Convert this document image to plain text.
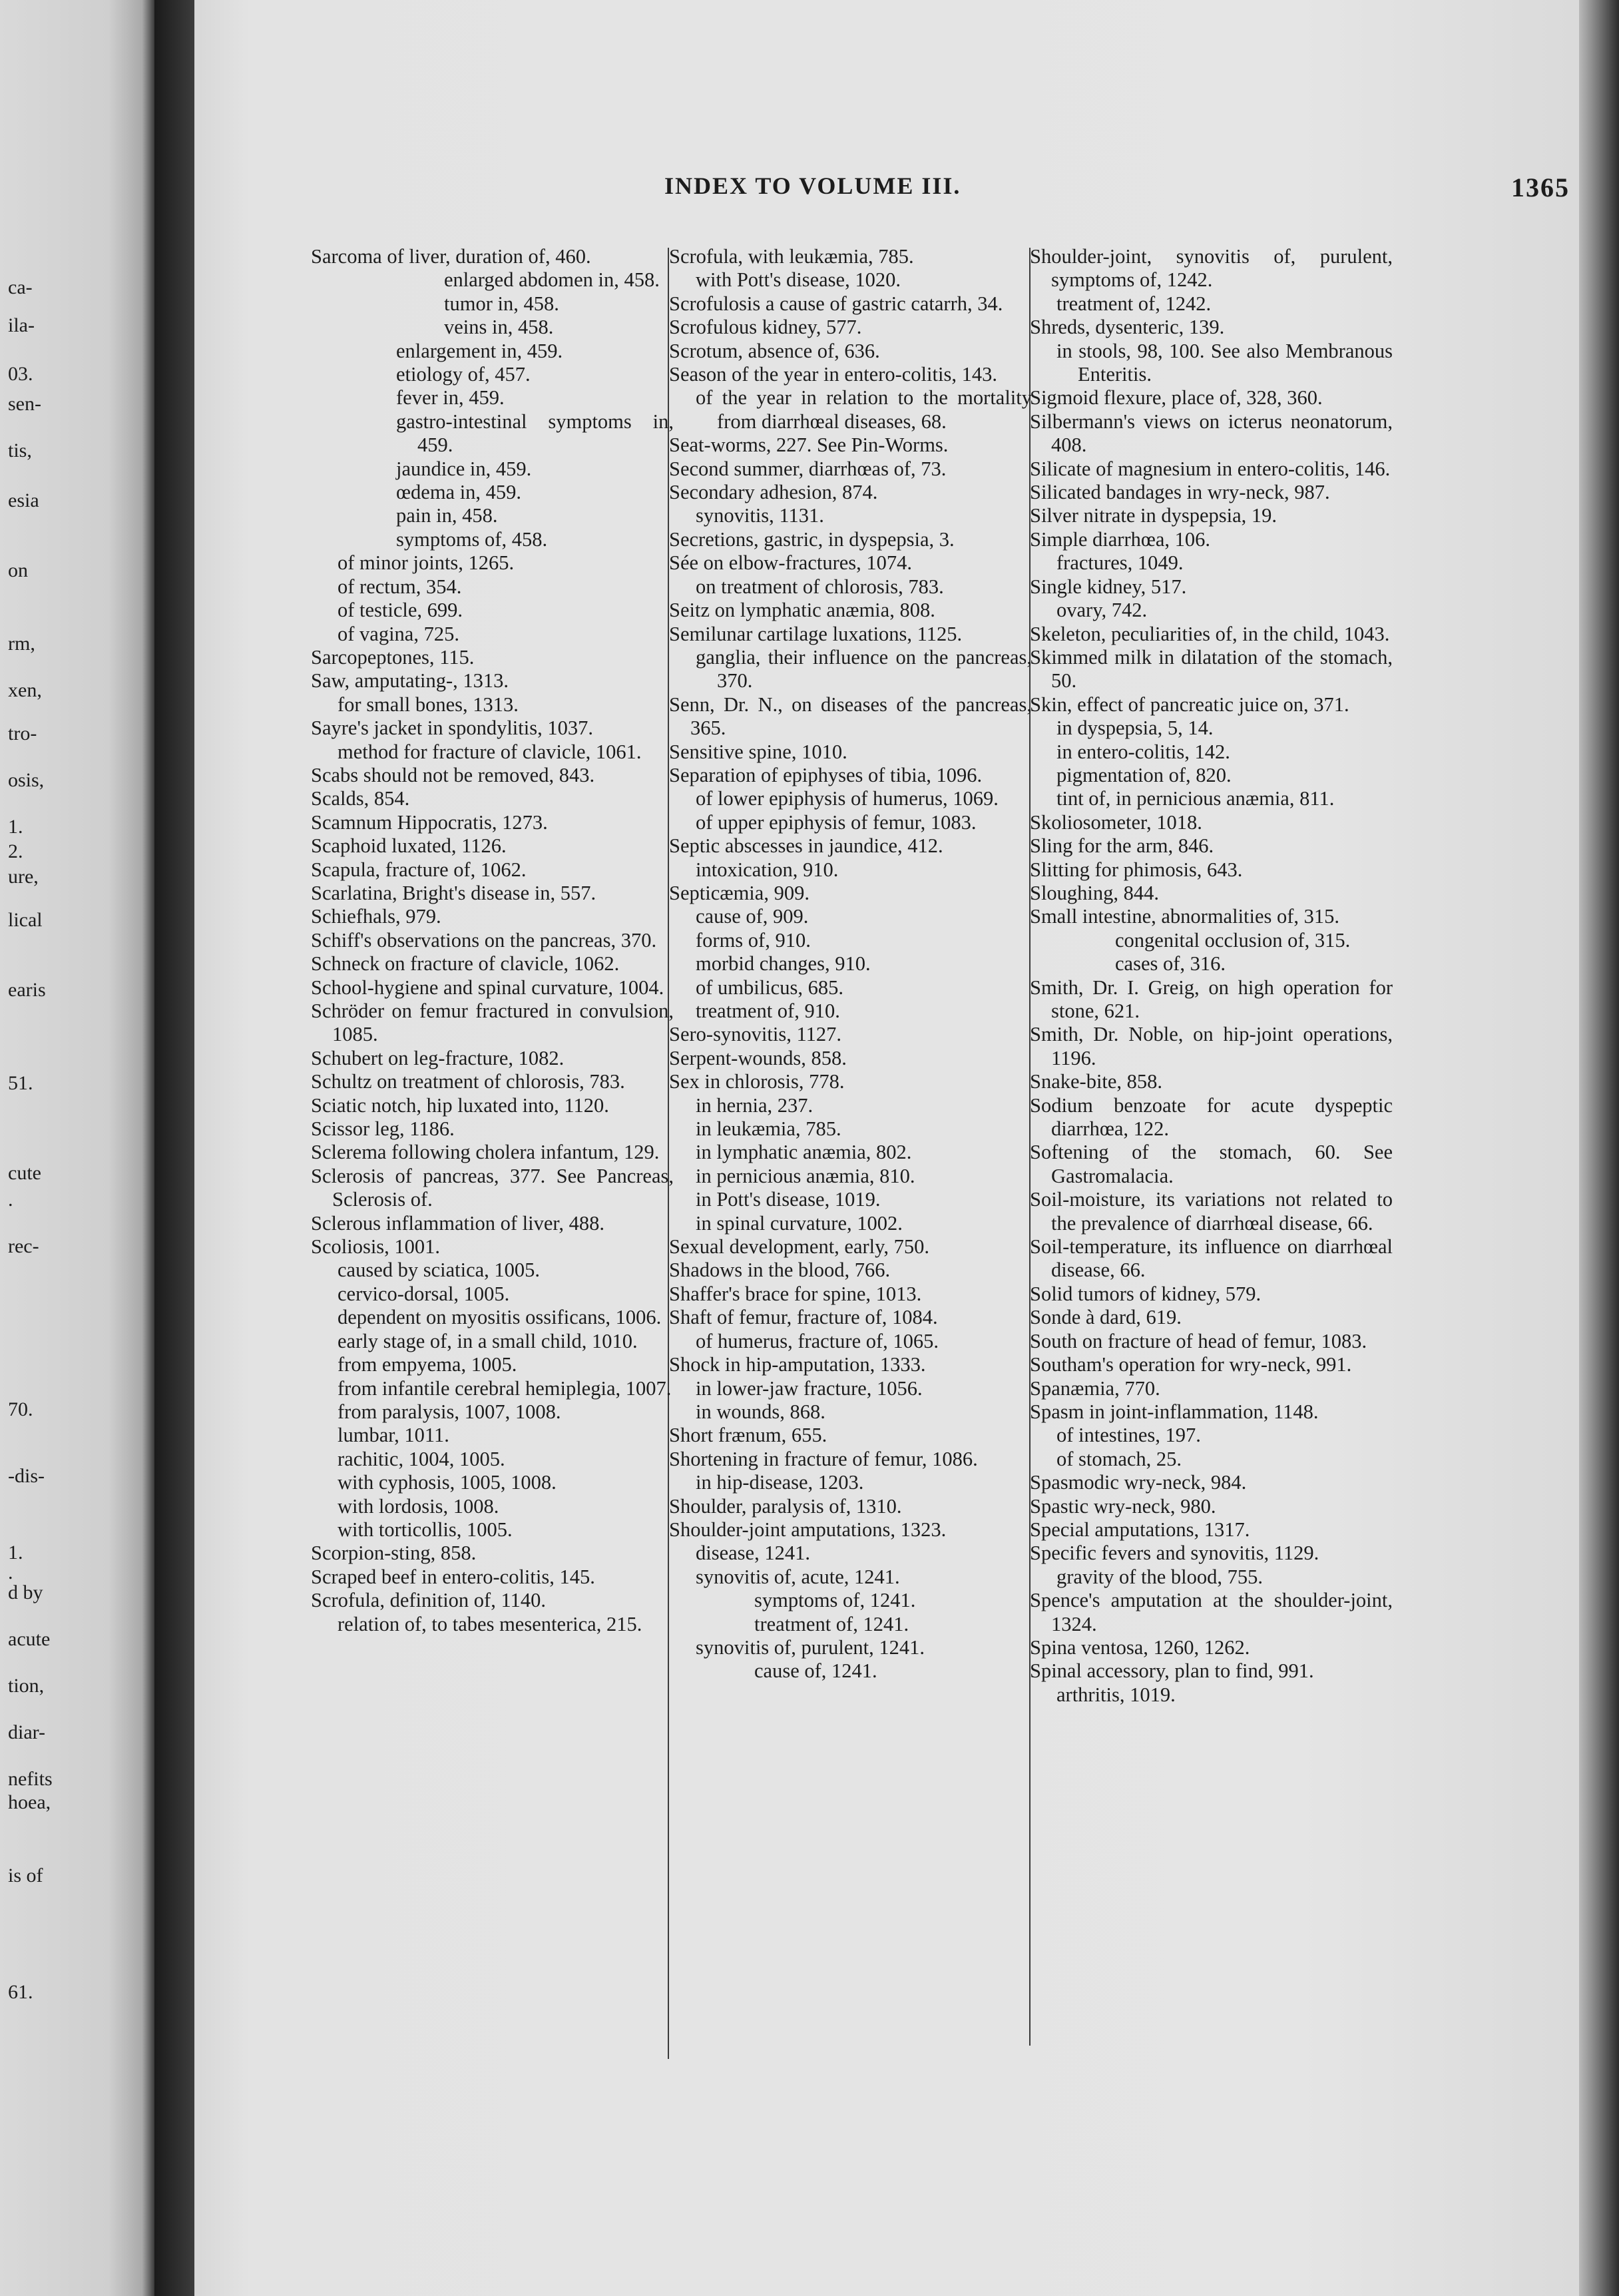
ca-
ila-
03.
sen-
tis,
esia
on
rm,
xen,
tro-
osis,
1.
2.
ure,
lical
earis
51.
cute
.
rec-
70.
-dis-
1.
.
d by
acute
tion,
diar-
nefits
hoea,
is of
61.
INDEX TO VOLUME III.	1365
Sarcoma of liver, duration of, 460.
enlarged abdomen in, 458.
tumor in, 458.
veins in, 458.
enlargement in, 459.
etiology of, 457.
fever in, 459.
gastro-intestinal symptoms in, 459.
jaundice in, 459.
œdema in, 459.
pain in, 458.
symptoms of, 458.
of minor joints, 1265.
of rectum, 354.
of testicle, 699.
of vagina, 725.
Sarcopeptones, 115.
Saw, amputating-, 1313.
for small bones, 1313.
Sayre's jacket in spondylitis, 1037.
method for fracture of clavicle, 1061.
Scabs should not be removed, 843.
Scalds, 854.
Scamnum Hippocratis, 1273.
Scaphoid luxated, 1126.
Scapula, fracture of, 1062.
Scarlatina, Bright's disease in, 557.
Schiefhals, 979.
Schiff's observations on the pancreas, 370.
Schneck on fracture of clavicle, 1062.
School-hygiene and spinal curvature, 1004.
Schröder on femur fractured in convulsion, 1085.
Schubert on leg-fracture, 1082.
Schultz on treatment of chlorosis, 783.
Sciatic notch, hip luxated into, 1120.
Scissor leg, 1186.
Sclerema following cholera infantum, 129.
Sclerosis of pancreas, 377. See Pancreas, Sclerosis of.
Sclerous inflammation of liver, 488.
Scoliosis, 1001.
caused by sciatica, 1005.
cervico-dorsal, 1005.
dependent on myositis ossificans, 1006.
early stage of, in a small child, 1010.
from empyema, 1005.
from infantile cerebral hemiplegia, 1007.
from paralysis, 1007, 1008.
lumbar, 1011.
rachitic, 1004, 1005.
with cyphosis, 1005, 1008.
with lordosis, 1008.
with torticollis, 1005.
Scorpion-sting, 858.
Scraped beef in entero-colitis, 145.
Scrofula, definition of, 1140.
relation of, to tabes mesenterica, 215.
Scrofula, with leukæmia, 785.
with Pott's disease, 1020.
Scrofulosis a cause of gastric catarrh, 34.
Scrofulous kidney, 577.
Scrotum, absence of, 636.
Season of the year in entero-colitis, 143.
of the year in relation to the mortality from diarrhœal diseases, 68.
Seat-worms, 227. See Pin-Worms.
Second summer, diarrhœas of, 73.
Secondary adhesion, 874.
synovitis, 1131.
Secretions, gastric, in dyspepsia, 3.
Sée on elbow-fractures, 1074.
on treatment of chlorosis, 783.
Seitz on lymphatic anæmia, 808.
Semilunar cartilage luxations, 1125.
ganglia, their influence on the pancreas, 370.
Senn, Dr. N., on diseases of the pancreas, 365.
Sensitive spine, 1010.
Separation of epiphyses of tibia, 1096.
of lower epiphysis of humerus, 1069.
of upper epiphysis of femur, 1083.
Septic abscesses in jaundice, 412.
intoxication, 910.
Septicæmia, 909.
cause of, 909.
forms of, 910.
morbid changes, 910.
of umbilicus, 685.
treatment of, 910.
Sero-synovitis, 1127.
Serpent-wounds, 858.
Sex in chlorosis, 778.
in hernia, 237.
in leukæmia, 785.
in lymphatic anæmia, 802.
in pernicious anæmia, 810.
in Pott's disease, 1019.
in spinal curvature, 1002.
Sexual development, early, 750.
Shadows in the blood, 766.
Shaffer's brace for spine, 1013.
Shaft of femur, fracture of, 1084.
of humerus, fracture of, 1065.
Shock in hip-amputation, 1333.
in lower-jaw fracture, 1056.
in wounds, 868.
Short frænum, 655.
Shortening in fracture of femur, 1086.
in hip-disease, 1203.
Shoulder, paralysis of, 1310.
Shoulder-joint amputations, 1323.
disease, 1241.
synovitis of, acute, 1241.
symptoms of, 1241.
treatment of, 1241.
synovitis of, purulent, 1241.
cause of, 1241.
Shoulder-joint, synovitis of, purulent, symptoms of, 1242.
treatment of, 1242.
Shreds, dysenteric, 139.
in stools, 98, 100. See also Membranous Enteritis.
Sigmoid flexure, place of, 328, 360.
Silbermann's views on icterus neonatorum, 408.
Silicate of magnesium in entero-colitis, 146.
Silicated bandages in wry-neck, 987.
Silver nitrate in dyspepsia, 19.
Simple diarrhœa, 106.
fractures, 1049.
Single kidney, 517.
ovary, 742.
Skeleton, peculiarities of, in the child, 1043.
Skimmed milk in dilatation of the stomach, 50.
Skin, effect of pancreatic juice on, 371.
in dyspepsia, 5, 14.
in entero-colitis, 142.
pigmentation of, 820.
tint of, in pernicious anæmia, 811.
Skoliosometer, 1018.
Sling for the arm, 846.
Slitting for phimosis, 643.
Sloughing, 844.
Small intestine, abnormalities of, 315.
congenital occlusion of, 315.
cases of, 316.
Smith, Dr. I. Greig, on high operation for stone, 621.
Smith, Dr. Noble, on hip-joint operations, 1196.
Snake-bite, 858.
Sodium benzoate for acute dyspeptic diarrhœa, 122.
Softening of the stomach, 60. See Gastromalacia.
Soil-moisture, its variations not related to the prevalence of diarrhœal disease, 66.
Soil-temperature, its influence on diarrhœal disease, 66.
Solid tumors of kidney, 579.
Sonde à dard, 619.
South on fracture of head of femur, 1083.
Southam's operation for wry-neck, 991.
Spanæmia, 770.
Spasm in joint-inflammation, 1148.
of intestines, 197.
of stomach, 25.
Spasmodic wry-neck, 984.
Spastic wry-neck, 980.
Special amputations, 1317.
Specific fevers and synovitis, 1129.
gravity of the blood, 755.
Spence's amputation at the shoulder-joint, 1324.
Spina ventosa, 1260, 1262.
Spinal accessory, plan to find, 991.
arthritis, 1019.
